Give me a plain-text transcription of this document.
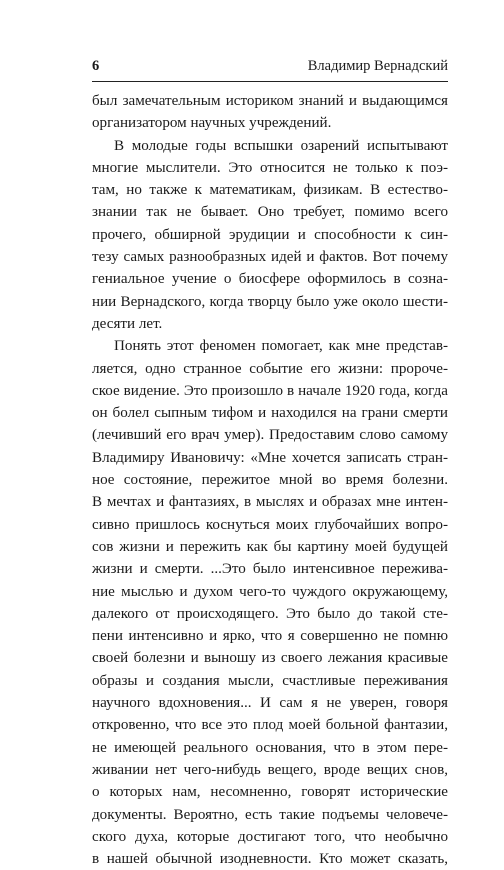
6	Владимир Вернадский

был замечательным историком знаний и выдающимся
организатором научных учреждений.

В молодые годы вспышки озарений испытывают
многие мыслители. Это относится не только к поэ-
там, но также к математикам, физикам. В естество-
знании так не бывает. Оно требует, помимо всего
прочего, обширной эрудиции и способности к син-
тезу самых разнообразных идей и фактов. Вот почему
гениальное учение о биосфере оформилось в созна-
нии Вернадского, когда творцу было уже около шести-
десяти лет.

Понять этот феномен помогает, как мне представ-
ляется, одно странное событие его жизни: пророче-
ское видение. Это произошло в начале 1920 года, когда
он болел сыпным тифом и находился на грани смерти
(лечивший его врач умер). Предоставим слово самому
Владимиру Ивановичу: «Мне хочется записать стран-
ное состояние, пережитое мной во время болезни.
В мечтах и фантазиях, в мыслях и образах мне интен-
сивно пришлось коснуться моих глубочайших вопро-
сов жизни и пережить как бы картину моей будущей
жизни и смерти. ...Это было интенсивное пережива-
ние мыслью и духом чего-то чуждого окружающему,
далекого от происходящего. Это было до такой сте-
пени интенсивно и ярко, что я совершенно не помню
своей болезни и выношу из своего лежания красивые
образы и создания мысли, счастливые переживания
научного вдохновения... И сам я не уверен, говоря
откровенно, что все это плод моей больной фантазии,
не имеющей реального основания, что в этом пере-
живании нет чего-нибудь вещего, вроде вещих снов,
о которых нам, несомненно, говорят исторические
документы. Вероятно, есть такие подъемы человече-
ского духа, которые достигают того, что необычно
в нашей обычной изодневности. Кто может сказать,
